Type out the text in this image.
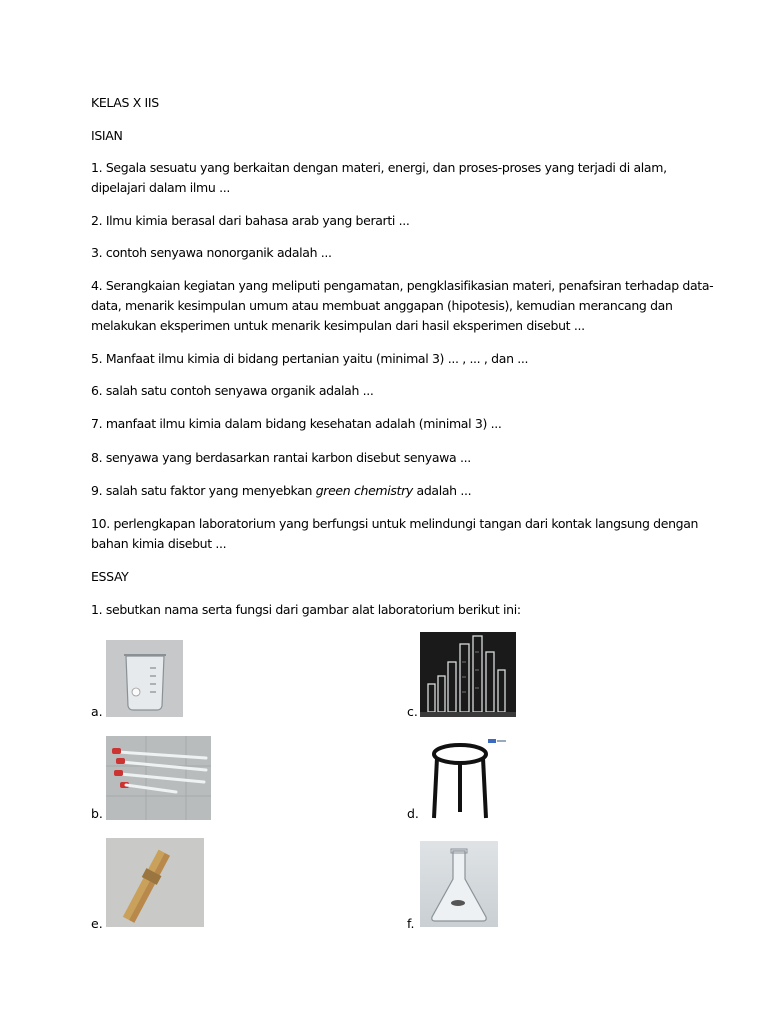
KELAS X IIS

ISIAN

1. Segala sesuatu yang berkaitan dengan materi, energi, dan proses-proses yang terjadi di alam,

dipelajari dalam ilmu ...

2. Ilmu kimia berasal dari bahasa arab yang berarti ...

3. contoh senyawa nonorganik adalah ...

4. Serangkaian kegiatan yang meliputi pengamatan, pengklasifikasian materi, penafsiran terhadap data-

data, menarik kesimpulan umum atau membuat anggapan (hipotesis), kemudian merancang dan

melakukan eksperimen untuk menarik kesimpulan dari hasil eksperimen disebut ...

5. Manfaat ilmu kimia di bidang pertanian yaitu (minimal 3) ... , ... , dan ...

6. salah satu contoh senyawa organik adalah ...

7. manfaat ilmu kimia dalam bidang kesehatan adalah (minimal 3) ...

8. senyawa yang berdasarkan rantai karbon disebut senyawa ...

9. salah satu faktor yang menyebkan green chemistry adalah ...

10. perlengkapan laboratorium yang berfungsi untuk melindungi tangan dari kontak langsung dengan

bahan kimia disebut ...

ESSAY

1. sebutkan nama serta fungsi dari gambar alat laboratorium berikut ini:

a.
b.
c.
d.
e.	f.
